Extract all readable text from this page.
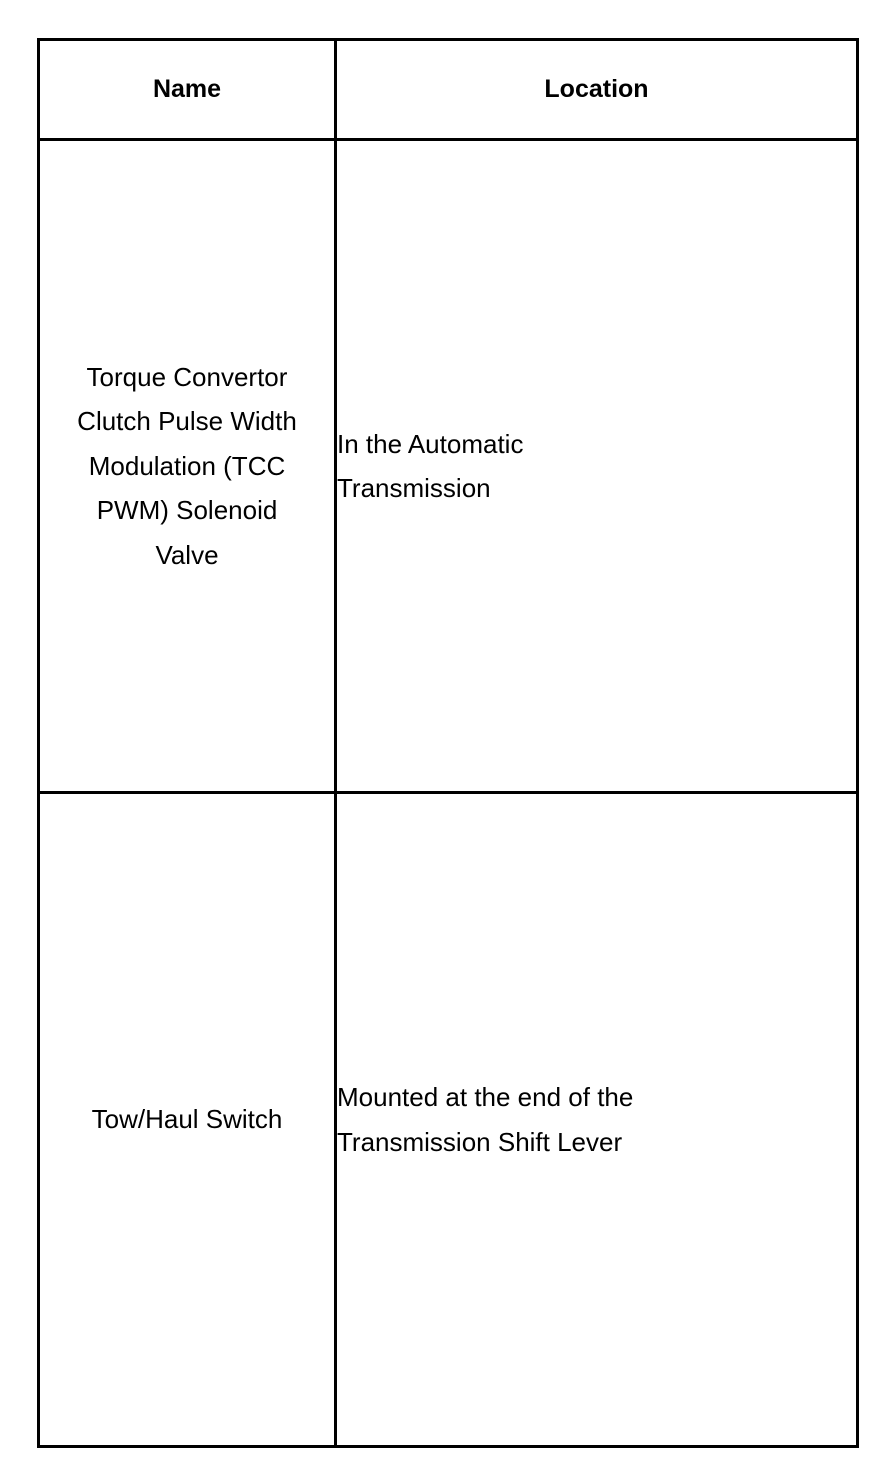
Name	Location
Torque Convertor Clutch Pulse Width Modulation (TCC PWM) Solenoid Valve	In the Automatic Transmission
Tow/Haul Switch	Mounted at the end of the Transmission Shift Lever
